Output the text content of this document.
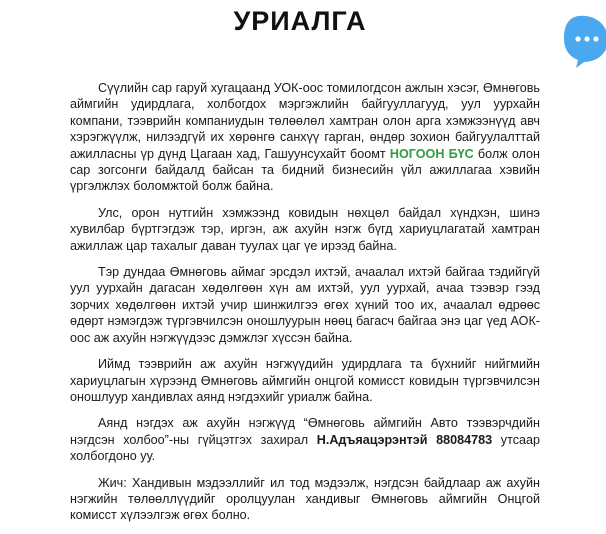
УРИАЛГА

Сүүлийн сар гаруй хугацаанд УОК-оос томилогдсон ажлын хэсэг, Өмнөговь аймгийн удирдлага, холбогдох мэргэжлийн байгууллагууд, уул уурхайн компани, тээврийн компаниудын төлөөлөл хамтран олон арга хэмжээнүүд авч хэрэгжүүлж, нилээдгүй их хөрөнгө санхүү гарган, өндөр зохион байгуулалттай ажилласны үр дүнд Цагаан хад, Гашуунсухайт боомт НОГООН БҮС болж олон сар зогсонги байдалд байсан та бидний бизнесийн үйл ажиллагаа хэвийн үргэлжлэх боломжтой болж байна.

Улс, орон нутгийн хэмжээнд ковидын нөхцөл байдал хүндхэн, шинэ хувилбар бүртгэгдэж тэр, иргэн, аж ахуйн нэгж бүгд хариуцлагатай хамтран ажиллаж цар тахалыг даван туулах цаг үе ирээд байна.

Тэр дундаа Өмнөговь аймаг эрсдэл ихтэй, ачаалал ихтэй байгаа тэдийгүй уул уурхайн дагасан хөдөлгөөн хүн ам ихтэй, уул уурхай, ачаа тээвэр гээд зорчих хөдөлгөөн ихтэй учир шинжилгээ өгөх хүний тоо их, ачаалал өдрөөс өдөрт нэмэгдэж түргэвчилсэн оношлуурын нөөц багасч байгаа энэ цаг үед АОК-оос аж ахуйн нэгжүүдээс дэмжлэг хүссэн байна.

Иймд тээврийн аж ахуйн нэгжүүдийн удирдлага та бүхнийг нийгмийн хариуцлагын хүрээнд Өмнөговь аймгийн онцгой комисст ковидын түргэвчилсэн оношлуур хандивлах аянд нэгдэхийг уриалж байна.

Аянд нэгдэх аж ахуйн нэгжүүд “Өмнөговь аймгийн Авто тээвэрчдийн нэгдсэн холбоо”-ны гүйцэтгэх захирал Н.Адъяацэрэнтэй 88084783 утсаар холбогдоно уу.

Жич: Хандивын мэдээллийг ил тод мэдээлж, нэгдсэн байдлаар аж ахуйн нэгжийн төлөөллүүдийг оролцуулан хандивыг Өмнөговь аймгийн Онцгой комисст хүлээлгэж өгөх болно.
